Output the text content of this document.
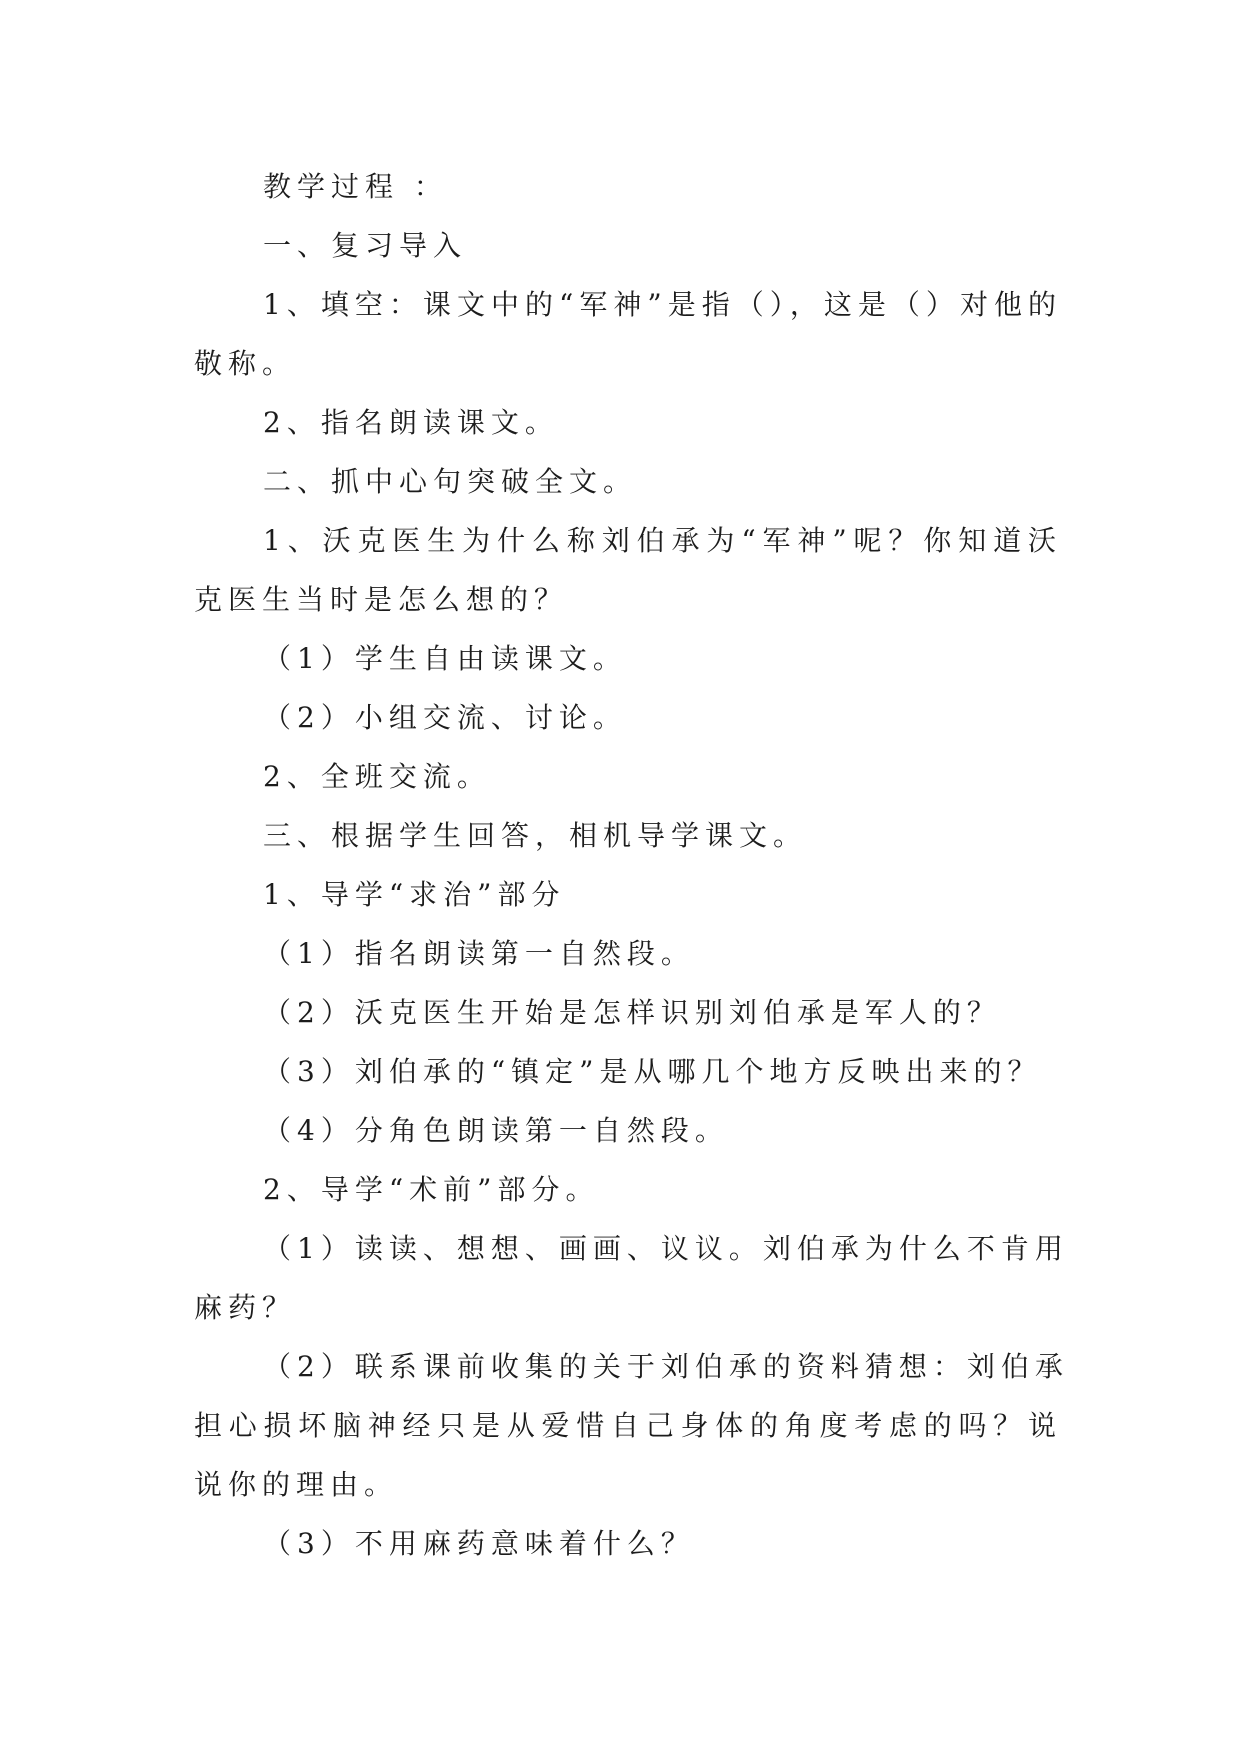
教学过程 ：
一、复习导入
1、填空：课文中的“军神”是指（），这是（）对他的
敬称。
2、指名朗读课文。
二、抓中心句突破全文。
1、沃克医生为什么称刘伯承为“军神”呢？你知道沃
克医生当时是怎么想的？
（1）学生自由读课文。
（2）小组交流、讨论。
2、全班交流。
三、根据学生回答，相机导学课文。
1、导学“求治”部分
（1）指名朗读第一自然段。
（2）沃克医生开始是怎样识别刘伯承是军人的？
（3）刘伯承的“镇定”是从哪几个地方反映出来的？
（4）分角色朗读第一自然段。
2、导学“术前”部分。
（1）读读、想想、画画、议议。刘伯承为什么不肯用
麻药？
（2）联系课前收集的关于刘伯承的资料猜想：刘伯承
担心损坏脑神经只是从爱惜自己身体的角度考虑的吗？说
说你的理由。
（3）不用麻药意味着什么？
